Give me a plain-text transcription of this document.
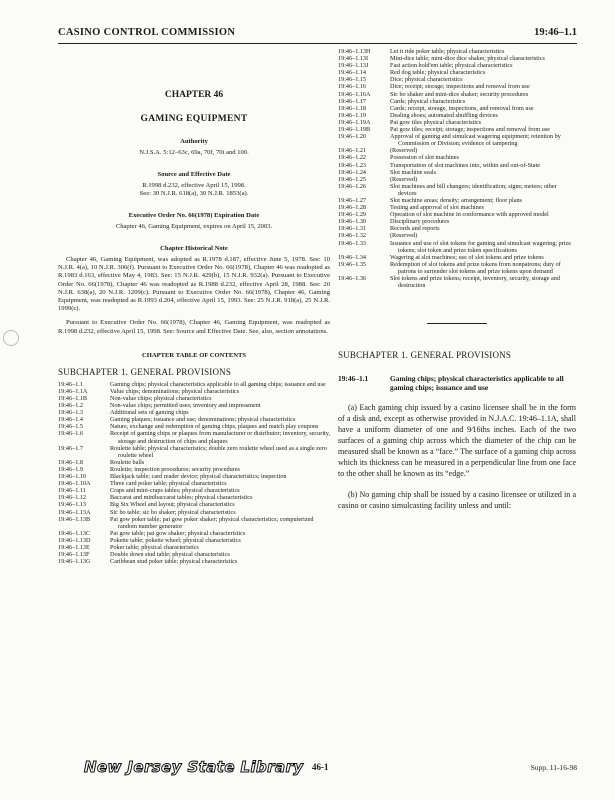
CASINO CONTROL COMMISSION	19:46–1.1
CHAPTER 46
GAMING EQUIPMENT
Authority
N.J.S.A. 5:12–63c, 69a, 70f, 70i and 100.
Source and Effective Date
R.1998 d.232, effective April 15, 1998.
See: 30 N.J.R. 618(a), 30 N.J.R. 1853(a).
Executive Order No. 66(1978) Expiration Date
Chapter 46, Gaming Equipment, expires on April 15, 2003.
Chapter Historical Note
Chapter 46, Gaming Equipment, was adopted as R.1978 d.187, effective June 5, 1978. See: 10 N.J.R. 4(a), 10 N.J.R. 306(f). Pursuant to Executive Order No. 66(1978), Chapter 46 was readopted as R.1983 d.163, effective May 4, 1983. See: 15 N.J.R. 429(b), 15 N.J.R. 932(a). Pursuant to Executive Order No. 66(1978), Chapter 46 was readopted as R.1988 d.232, effective April 28, 1988. See: 20 N.J.R. 638(a), 20 N.J.R. 1209(c). Pursuant to Executive Order No. 66(1978), Chapter 46, Gaming Equipment, was readopted as R.1993 d.204, effective April 15, 1993. See: 25 N.J.R. 918(a), 25 N.J.R. 1999(c).
Pursuant to Executive Order No. 66(1978), Chapter 46, Gaming Equipment, was readopted as R.1998 d.232, effective April 15, 1998. See: Source and Effective Date. See, also, section annotations.
CHAPTER TABLE OF CONTENTS
SUBCHAPTER 1. GENERAL PROVISIONS
19:46–1.1	Gaming chips; physical characteristics applicable to all gaming chips; issuance and use
19:46–1.1A	Value chips; denominations; physical characteristics
19:46–1.1B	Non-value chips; physical characteristics
19:46–1.2	Non-value chips; permitted uses; inventory and impressment
19:46–1.3	Additional sets of gaming chips
19:46–1.4	Gaming plaques; issuance and use; denominations; physical characteristics
19:46–1.5	Nature, exchange and redemption of gaming chips, plaques and match play coupons
19:46–1.6	Receipt of gaming chips or plaques from manufacturer or distributor; inventory, security, storage and destruction of chips and plaques
19:46–1.7	Roulette table; physical characteristics; double zero roulette wheel used as a single zero roulette wheel
19:46–1.8	Roulette balls
19:46–1.9	Roulette; inspection procedures; security procedures
19:46–1.10	Blackjack table; card reader device; physical characteristics; inspection
19:46–1.10A	Three card poker table; physical characteristics
19:46–1.11	Craps and mini-craps tables; physical characteristics
19:46–1.12	Baccarat and minibaccarat tables; physical characteristics
19:46–1.13	Big Six Wheel and layout; physical characteristics
19:46–1.13A	Sic bo table; sic bo shaker; physical characteristics
19:46–1.13B	Pai gow poker table; pai gow poker shaker; physical characteristics; computerized random number generator
19:46–1.13C	Pai gow table; pai gow shaker; physical characteristics
19:46–1.13D	Pokette table; pokette wheel; physical characteristics
19:46–1.13E	Poker table; physical characteristics
19:46–1.13F	Double down stud table; physical characteristics
19:46–1.13G	Caribbean stud poker table; physical characteristics
19:46–1.13H	Let it ride poker table; physical characteristics
19:46–1.13I	Mini-dice table; mini-dice dice shaker, physical characteristics
19:46–1.13J	Fast action hold'em table; physical characteristics
19:46–1.14	Red dog table; physical characteristics
19:46–1.15	Dice; physical characteristics
19:46–1.16	Dice; receipt; storage; inspections and removal from use
19:46–1.16A	Sic bo shaker and mini-dice shaker; security procedures
19:46–1.17	Cards; physical characteristics
19:46–1.18	Cards; receipt, storage, inspections, and removal from use
19:46–1.19	Dealing shoes; automated shuffling devices
19:46–1.19A	Pai gow tiles physical characteristics
19:46–1.19B	Pai gow tiles; receipt; storage; inspections and removal from use
19:46–1.20	Approval of gaming and simulcast wagering equipment; retention by Commission or Division; evidence of tampering
19:46–1.21	(Reserved)
19:46–1.22	Possession of slot machines
19:46–1.23	Transportation of slot machines into, within and out-of-State
19:46–1.24	Slot machine seals
19:46–1.25	(Reserved)
19:46–1.26	Slot machines and bill changers; identification; signs; meters; other devices
19:46–1.27	Slot machine areas; density; arrangement; floor plans
19:46–1.28	Testing and approval of slot machines
19:46–1.29	Operation of slot machine in conformance with approved model
19:46–1.30	Disciplinary procedures
19:46–1.31	Records and reports
19:46–1.32	(Reserved)
19:46–1.33	Issuance and use of slot tokens for gaming and simulcast wagering; prize tokens; slot token and prize token specifications
19:46–1.34	Wagering at slot machines; use of slot tokens and prize tokens
19:46–1.35	Redemption of slot tokens and prize tokens from nonpatrons; duty of patrons to surrender slot tokens and prize tokens upon demand
19:46–1.36	Slot tokens and prize tokens; receipt, inventory, security, storage and destruction
SUBCHAPTER 1. GENERAL PROVISIONS
19:46–1.1	Gaming chips; physical characteristics applicable to all gaming chips; issuance and use
(a) Each gaming chip issued by a casino licensee shall be in the form of a disk and, except as otherwise provided in N.J.A.C. 19:46–1.1A, shall have a uniform diameter of one and 9⁄16ths inches. Each of the two surfaces of a gaming chip across which the diameter of the chip can be measured shall be known as a “face.” The surface of a gaming chip across which its thickness can be measured in a perpendicular line from one face to the other shall be known as its “edge.”
(b) No gaming chip shall be issued by a casino licensee or utilized in a casino or casino simulcasting facility unless and until:
New Jersey State Library 46-1	Supp. 11-16-98
